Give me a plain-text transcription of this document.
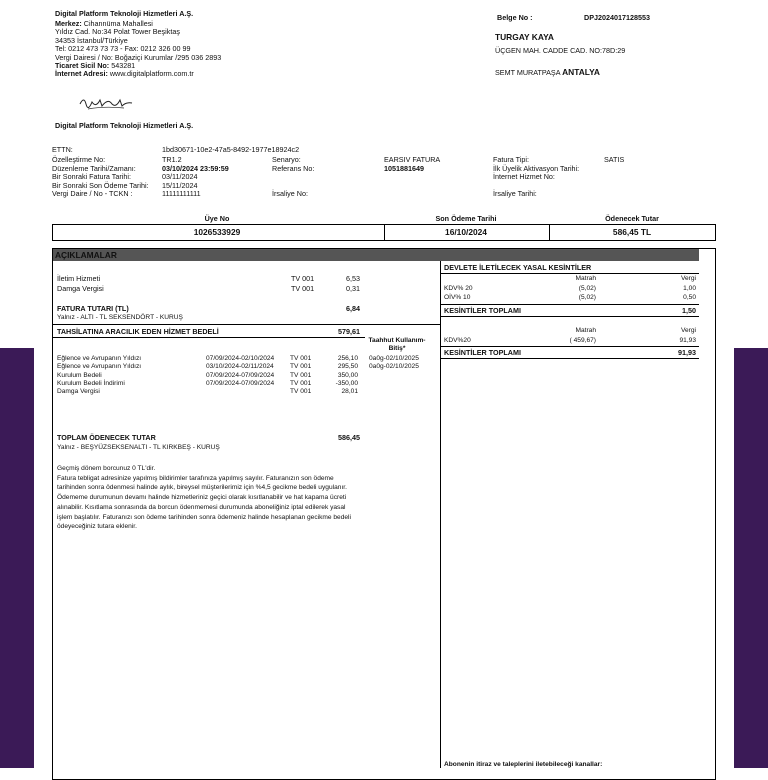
Digital Platform Teknoloji Hizmetleri A.Ş.
Merkez: Cihannüma Mahallesi
Yıldız Cad. No:34 Polat Tower Beşiktaş
34353 İstanbul/Türkiye
Tel: 0212 473 73 73 - Fax: 0212 326 00 99
Vergi Dairesi / No: Boğaziçi Kurumlar /295 036 2893
Ticaret Sicil No: 543281
İnternet Adresi: www.digitalplatform.com.tr
Digital Platform Teknoloji Hizmetleri A.Ş.
Belge No :	DPJ2024017128553
TURGAY KAYA
ÜÇGEN MAH. CADDE CAD. NO:78D:29
SEMT MURATPAŞA ANTALYA
ETTN:	1bd30671-10e2-47a5-8492-1977e18924c2
Özelleştirme No:	TR1.2	Senaryo:	EARSIV FATURA	Fatura Tipi:	SATIS
Düzenleme Tarihi/Zamanı:	03/10/2024 23:59:59	Referans No:	1051881649	İlk Üyelik Aktivasyon Tarihi:
Bir Sonraki Fatura Tarihi:	03/11/2024	İnternet Hizmet No:
Bir Sonraki Son Ödeme Tarihi: 15/11/2024
Vergi Daire / No - TCKN :	11111111111	İrsaliye No:	İrsaliye Tarihi:
Üye No	Son Ödeme Tarihi	Ödenecek Tutar
1026533929	16/10/2024	586,45 TL
AÇIKLAMALAR
İletim Hizmeti	TV 001	6,53
Damga Vergisi	TV 001	0,31
FATURA TUTARI (TL)	6,84
Yalnız - ALTI - TL SEKSENDÖRT - KURUŞ
TAHSİLATINA ARACILIK EDEN HİZMET BEDELİ	579,61
Taahhut Kullanım-Bitiş*
Eğlence ve Avrupanın Yıldızı	07/09/2024-02/10/2024 TV 001	256,10 0a0g-02/10/2025
Eğlence ve Avrupanın Yıldızı	03/10/2024-02/11/2024 TV 001	295,50 0a0g-02/10/2025
Kurulum Bedeli	07/09/2024-07/09/2024 TV 001	350,00
Kurulum Bedeli İndirimi	07/09/2024-07/09/2024 TV 001	-350,00
Damga Vergisi	TV 001	28,01
TOPLAM ÖDENECEK TUTAR	586,45
Yalnız - BEŞYÜZSEKSENALTI - TL KIRKBEŞ - KURUŞ
Geçmiş dönem borcunuz 0 TL'dir.
Fatura tebligat adresinize yapılmış bildirimler tarafınıza yapılmış sayılır. Faturanızın son ödeme
tarihinden sonra ödenmesi halinde aylık, bireysel müşterilerimiz için %4,5 gecikme bedeli uygulanır.
Ödememe durumunun devamı halinde hizmetleriniz geçici olarak kısıtlanabilir ve hat kapama ücreti
alınabilir. Kısıtlama sonrasında da borcun ödenmemesi durumunda aboneliğiniz iptal edilerek yasal
işlem başlatılır. Faturanızı son ödeme tarihinden sonra ödemeniz halinde hesaplanan gecikme bedeli
ödeyeceğiniz tutara eklenir.
DEVLETE İLETİLECEK YASAL KESİNTİLER
Matrah	Vergi
KDV% 20	(5,02)	1,00
OİV% 10	(5,02)	0,50
KESİNTİLER TOPLAMI	1,50
Matrah	Vergi
KDV%20	( 459,67)	91,93
KESİNTİLER TOPLAMI	91,93
Abonenin itiraz ve taleplerini iletebileceği kanallar:
